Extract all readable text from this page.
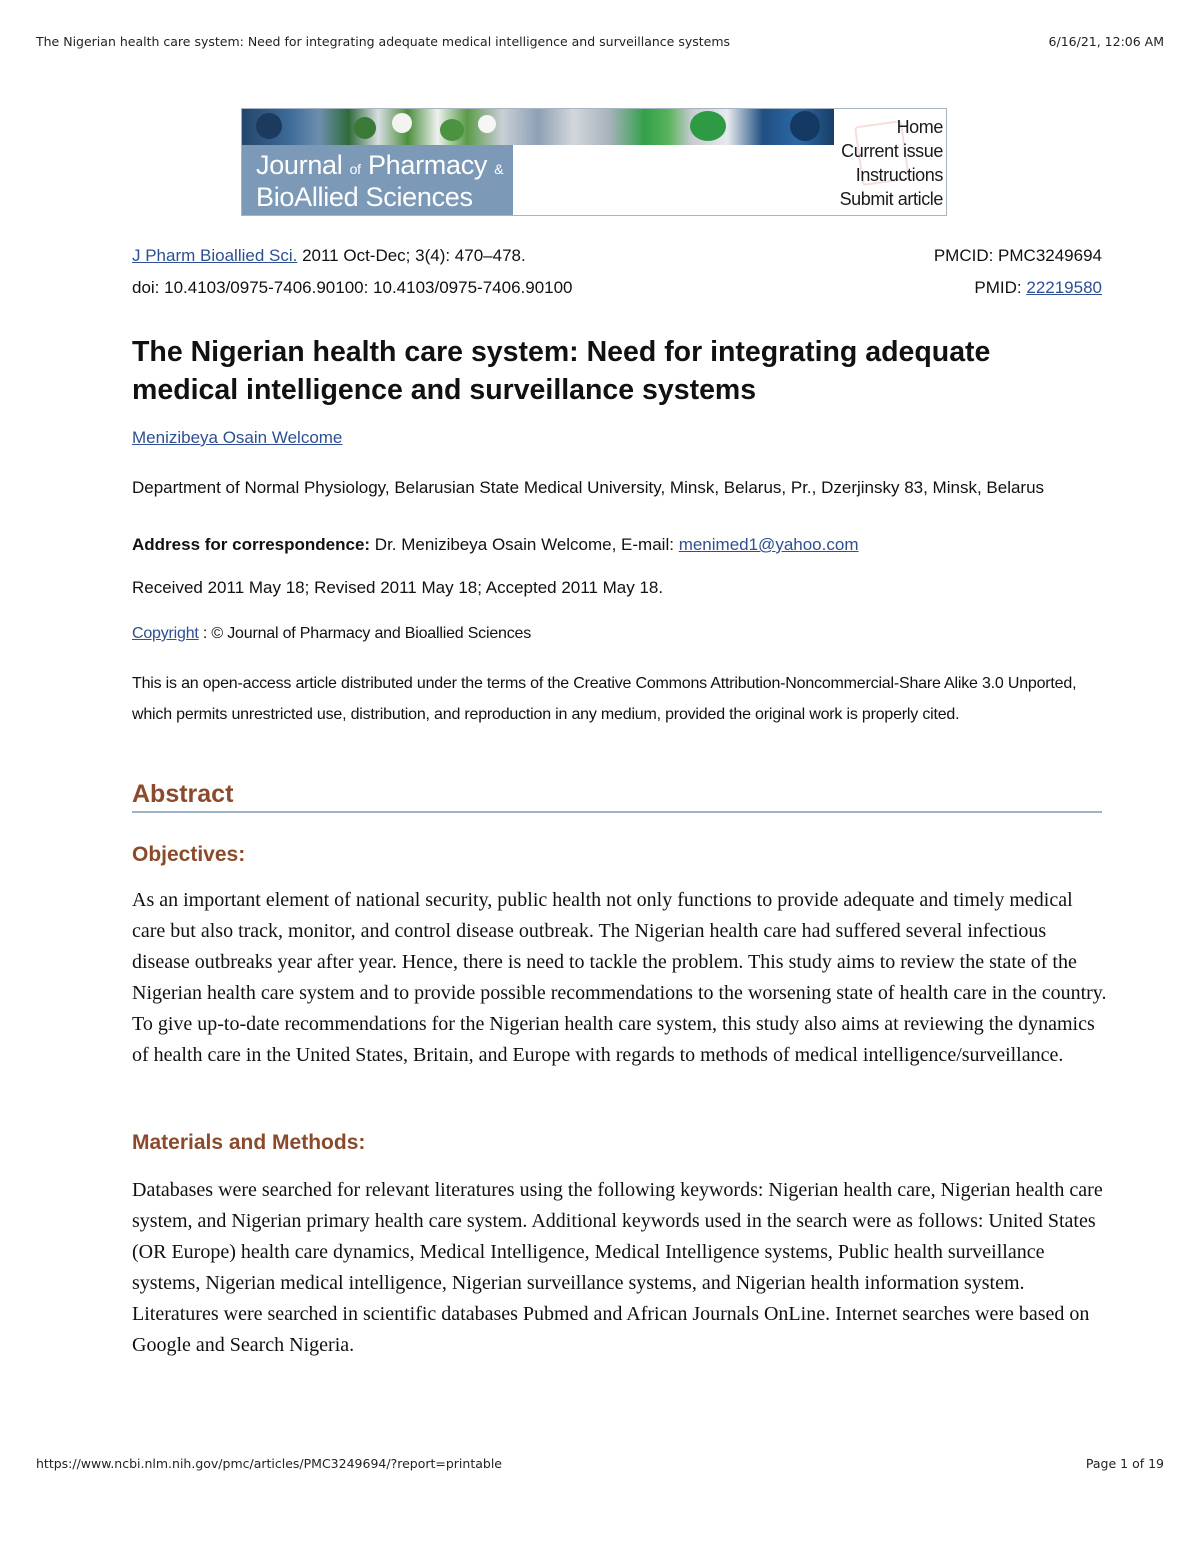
The Nigerian health care system: Need for integrating adequate medical intelligence and surveillance systems	6/16/21, 12:06 AM
Journal of Pharmacy &
BioAllied Sciences
Home
Current issue
Instructions
Submit article
J Pharm Bioallied Sci. 2011 Oct-Dec; 3(4): 470–478.	PMCID: PMC3249694
doi: 10.4103/0975-7406.90100: 10.4103/0975-7406.90100	PMID: 22219580
The Nigerian health care system: Need for integrating adequate medical intelligence and surveillance systems
Menizibeya Osain Welcome
Department of Normal Physiology, Belarusian State Medical University, Minsk, Belarus, Pr., Dzerjinsky 83, Minsk, Belarus
Address for correspondence: Dr. Menizibeya Osain Welcome, E-mail: menimed1@yahoo.com
Received 2011 May 18; Revised 2011 May 18; Accepted 2011 May 18.
Copyright : © Journal of Pharmacy and Bioallied Sciences
This is an open-access article distributed under the terms of the Creative Commons Attribution-Noncommercial-Share Alike 3.0 Unported, which permits unrestricted use, distribution, and reproduction in any medium, provided the original work is properly cited.
Abstract
Objectives:

As an important element of national security, public health not only functions to provide adequate and timely medical care but also track, monitor, and control disease outbreak. The Nigerian health care had suffered several infectious disease outbreaks year after year. Hence, there is need to tackle the problem. This study aims to review the state of the Nigerian health care system and to provide possible recommendations to the worsening state of health care in the country. To give up-to-date recommendations for the Nigerian health care system, this study also aims at reviewing the dynamics of health care in the United States, Britain, and Europe with regards to methods of medical intelligence/surveillance.

Materials and Methods:

Databases were searched for relevant literatures using the following keywords: Nigerian health care, Nigerian health care system, and Nigerian primary health care system. Additional keywords used in the search were as follows: United States (OR Europe) health care dynamics, Medical Intelligence, Medical Intelligence systems, Public health surveillance systems, Nigerian medical intelligence, Nigerian surveillance systems, and Nigerian health information system. Literatures were searched in scientific databases Pubmed and African Journals OnLine. Internet searches were based on Google and Search Nigeria.

https://www.ncbi.nlm.nih.gov/pmc/articles/PMC3249694/?report=printable	Page 1 of 19
